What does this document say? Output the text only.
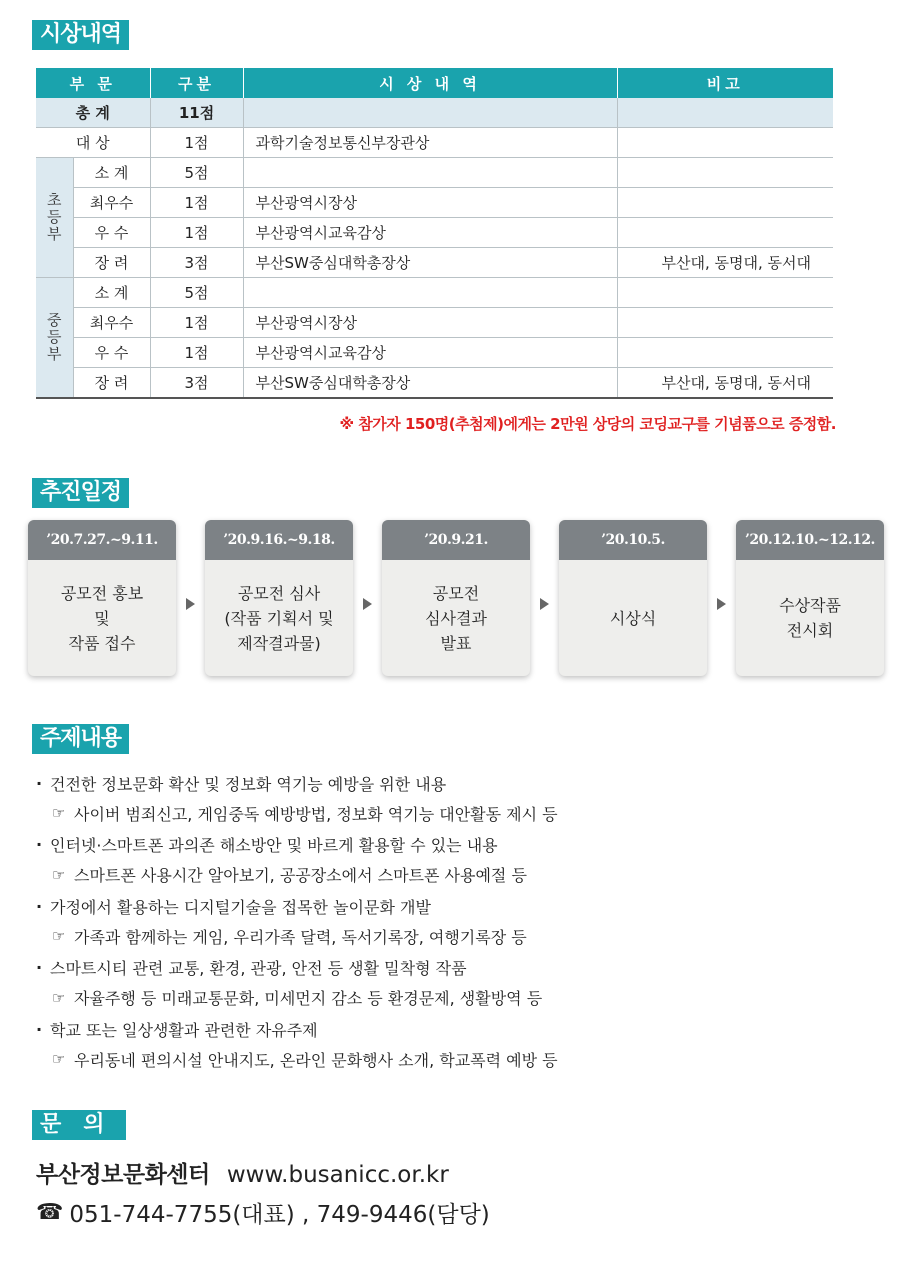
시상내역
부 문		구분	시 상 내 역	비고
총 계		11점		
대 상		1점	과학기술정보통신부장관상	
초등부	소 계	5점		
	최우수	1점	부산광역시장상	
	우 수	1점	부산광역시교육감상	
	장 려	3점	부산SW중심대학총장상	부산대, 동명대, 동서대
중등부	소 계	5점		
	최우수	1점	부산광역시장상	
	우 수	1점	부산광역시교육감상	
	장 려	3점	부산SW중심대학총장상	부산대, 동명대, 동서대
※ 참가자 150명(추첨제)에게는 2만원 상당의 코딩교구를 기념품으로 증정함.
추진일정
’20.7.27.~9.11.
공모전 홍보
및
작품 접수
’20.9.16.~9.18.
공모전 심사
(작품 기획서 및
제작결과물)
’20.9.21.
공모전
심사결과
발표
’20.10.5.
시상식
’20.12.10.~12.12.
수상작품
전시회
주제내용
· 건전한 정보문화 확산 및 정보화 역기능 예방을 위한 내용
☞ 사이버 범죄신고, 게임중독 예방방법, 정보화 역기능 대안활동 제시 등
· 인터넷·스마트폰 과의존 해소방안 및 바르게 활용할 수 있는 내용
☞ 스마트폰 사용시간 알아보기, 공공장소에서 스마트폰 사용예절 등
· 가정에서 활용하는 디지털기술을 접목한 놀이문화 개발
☞ 가족과 함께하는 게임, 우리가족 달력, 독서기록장, 여행기록장 등
· 스마트시티 관련 교통, 환경, 관광, 안전 등 생활 밀착형 작품
☞ 자율주행 등 미래교통문화, 미세먼지 감소 등 환경문제, 생활방역 등
· 학교 또는 일상생활과 관련한 자유주제
☞ 우리동네 편의시설 안내지도, 온라인 문화행사 소개, 학교폭력 예방 등
문　의
부산정보문화센터 www.busanicc.or.kr
☎ 051-744-7755(대표) , 749-9446(담당)
